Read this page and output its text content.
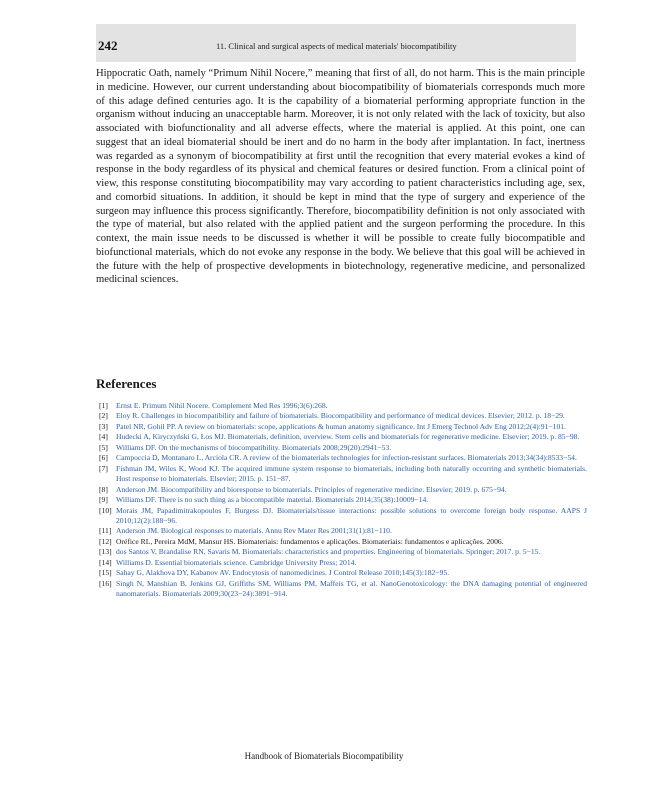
242	11. Clinical and surgical aspects of medical materials' biocompatibility

Hippocratic Oath, namely “Primum Nihil Nocere,” meaning that first of all, do not harm. This is the main principle in medicine. However, our current understanding about biocompatibility of biomaterials corresponds much more of this adage defined centuries ago. It is the capability of a biomaterial performing appropriate function in the organism without inducing an unacceptable harm. Moreover, it is not only related with the lack of toxicity, but also associated with biofunctionality and all adverse effects, where the material is applied. At this point, one can suggest that an ideal biomaterial should be inert and do no harm in the body after implantation. In fact, inertness was regarded as a synonym of biocompatibility at first until the recognition that every material evokes a kind of response in the body regardless of its physical and chemical features or desired function. From a clinical point of view, this response constituting biocompatibility may vary according to patient characteristics including age, sex, and comorbid situations. In addition, it should be kept in mind that the type of surgery and experience of the surgeon may influence this process significantly. Therefore, biocompatibility definition is not only associated with the type of material, but also related with the applied patient and the surgeon performing the procedure. In this context, the main issue needs to be discussed is whether it will be possible to create fully biocompatible and biofunctional materials, which do not evoke any response in the body. We believe that this goal will be achieved in the future with the help of prospective developments in biotechnology, regenerative medicine, and personalized medicinal sciences.

References
[1] Ernst E. Primum Nihil Nocere. Complement Med Res 1996;3(6):268.
[2] Eloy R. Challenges in biocompatibility and failure of biomaterials. Biocompatibility and performance of medical devices. Elsevier; 2012. p. 18−29.
[3] Patel NR, Gohil PP. A review on biomaterials: scope, applications & human anatomy significance. Int J Emerg Technol Adv Eng 2012;2(4):91−101.
[4] Hudecki A, Kiryczyński G, Łos MJ. Biomaterials, definition, overview. Stem cells and biomaterials for regenerative medicine. Elsevier; 2019. p. 85−98.
[5] Williams DF. On the mechanisms of biocompatibility. Biomaterials 2008;29(20):2941−53.
[6] Campoccia D, Montanaro L, Arciola CR. A review of the biomaterials technologies for infection-resistant surfaces. Biomaterials 2013;34(34):8533−54.
[7] Fishman JM, Wiles K, Wood KJ. The acquired immune system response to biomaterials, including both naturally occurring and synthetic biomaterials. Host response to biomaterials. Elsevier; 2015. p. 151−87.
[8] Anderson JM. Biocompatibility and bioresponse to biomaterials. Principles of regenerative medicine. Elsevier; 2019. p. 675−94.
[9] Williams DF. There is no such thing as a biocompatible material. Biomaterials 2014;35(38):10009−14.
[10] Morais JM, Papadimitrakopoulos F, Burgess DJ. Biomaterials/tissue interactions: possible solutions to overcome foreign body response. AAPS J 2010;12(2):188−96.
[11] Anderson JM. Biological responses to materials. Annu Rev Mater Res 2001;31(1):81−110.
[12] Oréfice RL, Pereira MdM, Mansur HS. Biomateriais: fundamentos e aplicações. Biomateriais: fundamentos e aplicações. 2006.
[13] dos Santos V, Brandalise RN, Savaris M. Biomaterials: characteristics and properties. Engineering of biomaterials. Springer; 2017. p. 5−15.
[14] Williams D. Essential biomaterials science. Cambridge University Press; 2014.
[15] Sahay G, Alakhova DY, Kabanov AV. Endocytosis of nanomedicines. J Control Release 2010;145(3):182−95.
[16] Singh N, Manshian B, Jenkins GJ, Griffiths SM, Williams PM, Maffeis TG, et al. NanoGenotoxicology: the DNA damaging potential of engineered nanomaterials. Biomaterials 2009;30(23−24):3891−914.
Handbook of Biomaterials Biocompatibility
